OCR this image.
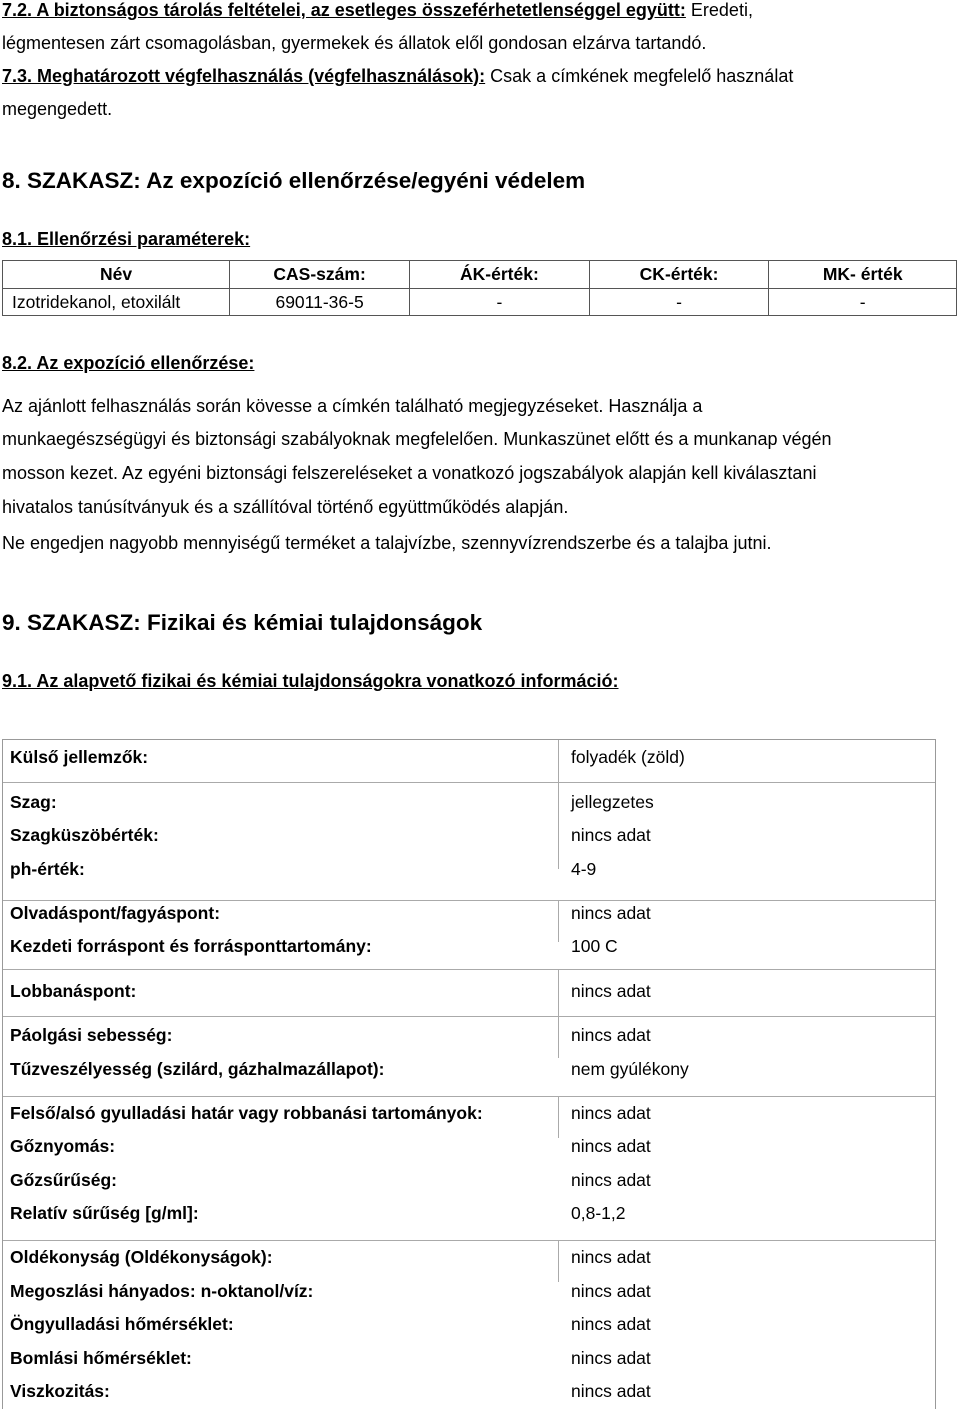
7.2. A biztonságos tárolás feltételei, az esetleges összeférhetetlenséggel együtt: Eredeti,
légmentesen zárt csomagolásban, gyermekek és állatok elől gondosan elzárva tartandó.
7.3. Meghatározott végfelhasználás (végfelhasználások): Csak a címkének megfelelő használat
megengedett.
8. SZAKASZ: Az expozíció ellenőrzése/egyéni védelem
8.1. Ellenőrzési paraméterek:
Név	CAS-szám:	ÁK-érték:	CK-érték:	MK- érték
Izotridekanol, etoxilált	69011-36-5	-	-	-
8.2. Az expozíció ellenőrzése:
Az ajánlott felhasználás során kövesse a címkén található megjegyzéseket. Használja a
munkaegészségügyi és biztonsági szabályoknak megfelelően. Munkaszünet előtt és a munkanap végén
mosson kezet. Az egyéni biztonsági felszereléseket a vonatkozó jogszabályok alapján kell kiválasztani
hivatalos tanúsítványuk és a szállítóval történő együttműködés alapján.
Ne engedjen nagyobb mennyiségű terméket a talajvízbe, szennyvízrendszerbe és a talajba jutni.
9. SZAKASZ: Fizikai és kémiai tulajdonságok
9.1. Az alapvető fizikai és kémiai tulajdonságokra vonatkozó információ:
Külső jellemzők:	folyadék (zöld)
Szag:	jellegzetes
Szagküszöbérték:	nincs adat
ph-érték:	4-9
Olvadáspont/fagyáspont:	nincs adat
Kezdeti forráspont és forrásponttartomány:	100 C
Lobbanáspont:	nincs adat
Páolgási sebesség:	nincs adat
Tűzveszélyesség (szilárd, gázhalmazállapot):	nem gyúlékony
Felső/alsó gyulladási határ vagy robbanási tartományok:	nincs adat
Gőznyomás:	nincs adat
Gőzsűrűség:	nincs adat
Relatív sűrűség [g/ml]:	0,8-1,2
Oldékonyság (Oldékonyságok):	nincs adat
Megoszlási hányados: n-oktanol/víz:	nincs adat
Öngyulladási hőmérséklet:	nincs adat
Bomlási hőmérséklet:	nincs adat
Viszkozitás:	nincs adat
